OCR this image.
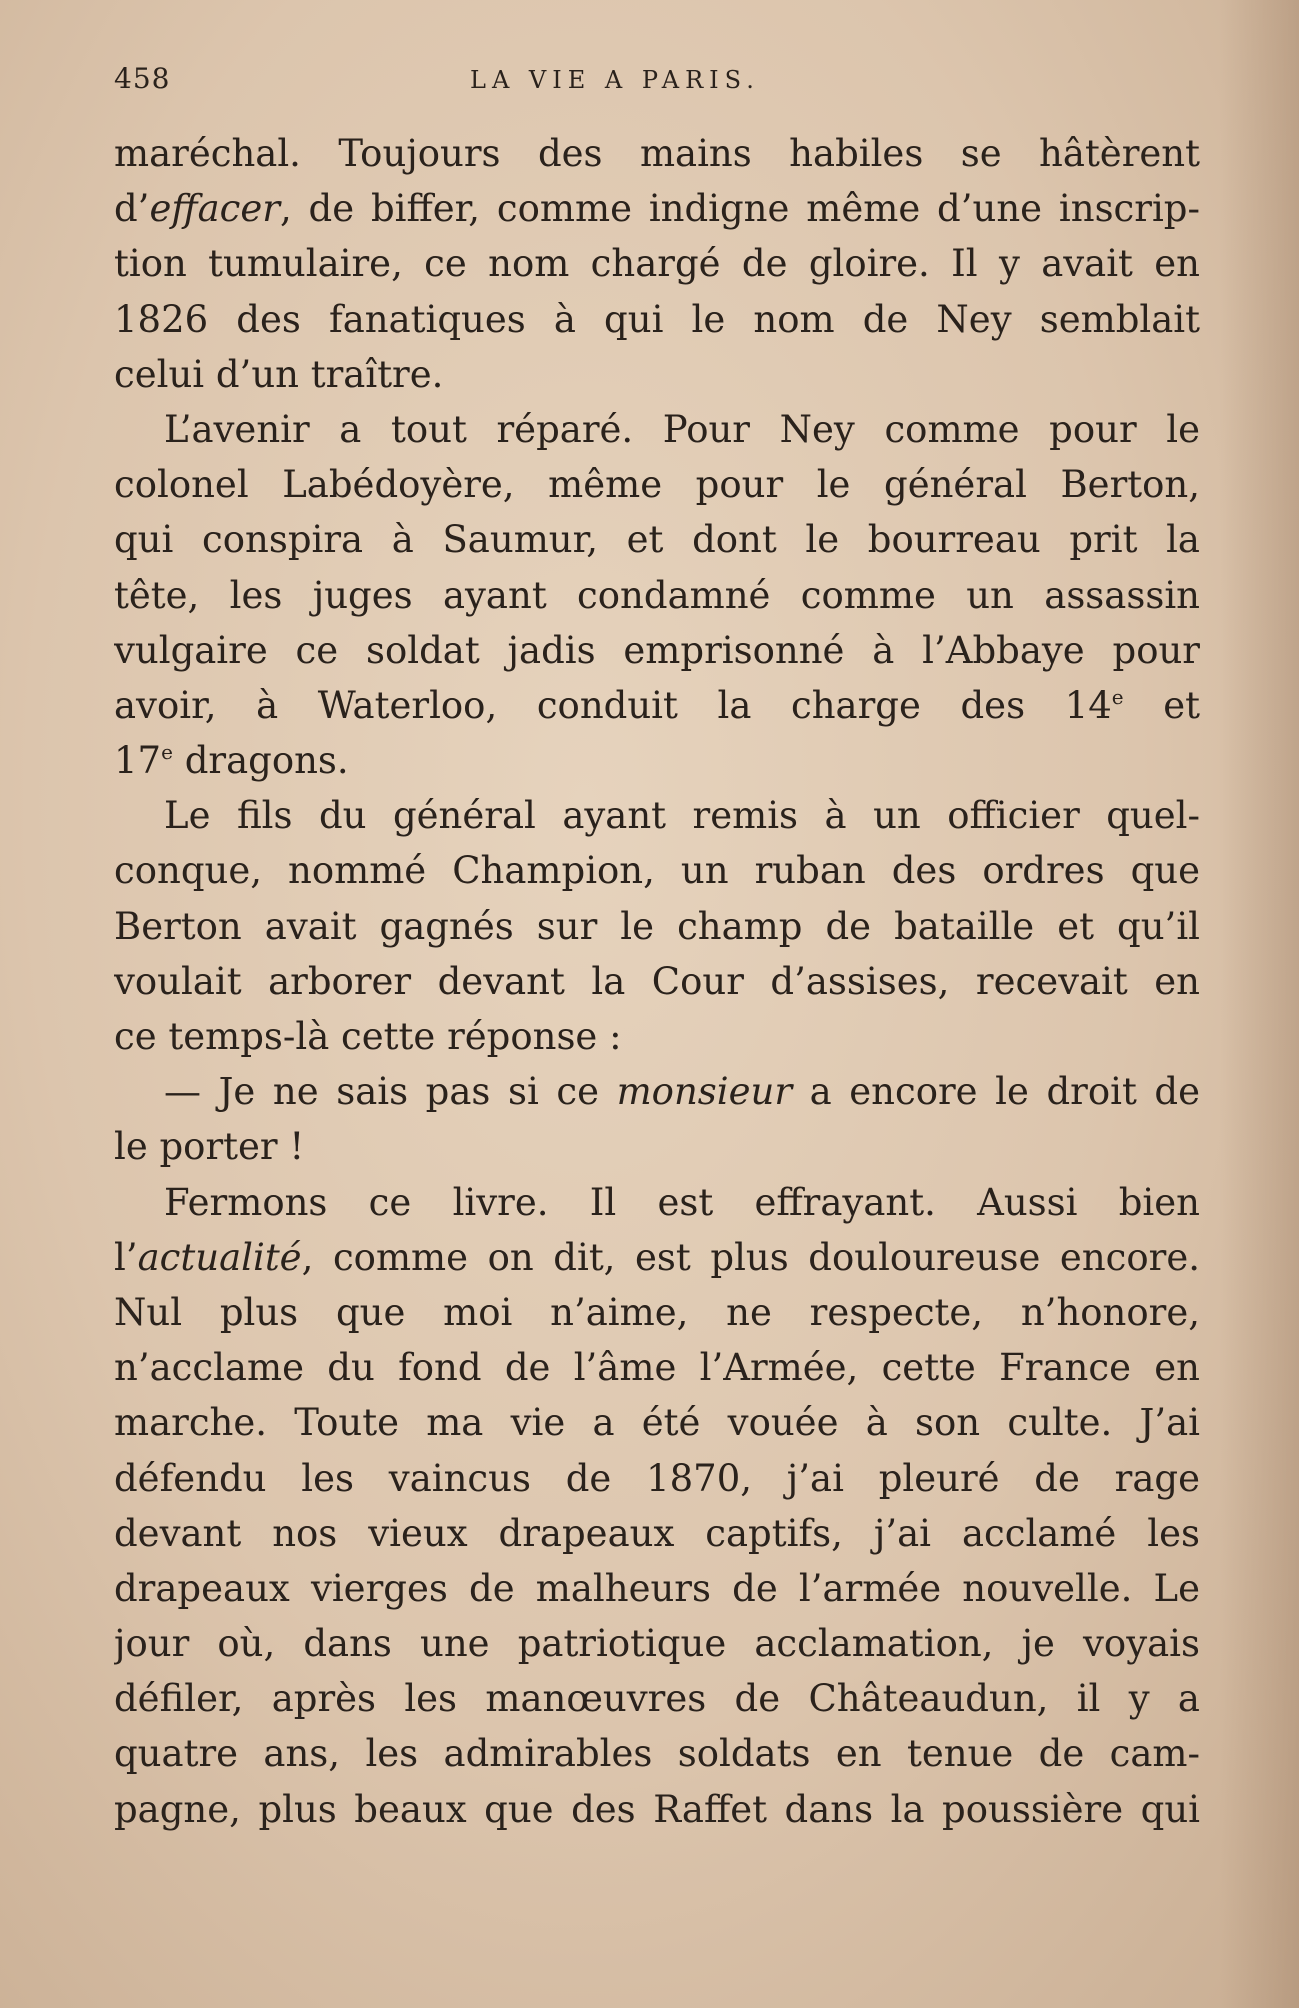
458	LA VIE A PARIS.
maréchal. Toujours des mains habiles se hâtèrent
d’effacer, de biffer, comme indigne même d’une inscrip-
tion tumulaire, ce nom chargé de gloire. Il y avait en
1826 des fanatiques à qui le nom de Ney semblait
celui d’un traître.
L’avenir a tout réparé. Pour Ney comme pour le
colonel Labédoyère, même pour le général Berton,
qui conspira à Saumur, et dont le bourreau prit la
tête, les juges ayant condamné comme un assassin
vulgaire ce soldat jadis emprisonné à l’Abbaye pour
avoir, à Waterloo, conduit la charge des 14e et
17e dragons.
Le fils du général ayant remis à un officier quel-
conque, nommé Champion, un ruban des ordres que
Berton avait gagnés sur le champ de bataille et qu’il
voulait arborer devant la Cour d’assises, recevait en
ce temps-là cette réponse :
— Je ne sais pas si ce monsieur a encore le droit de
le porter !
Fermons ce livre. Il est effrayant. Aussi bien
l’actualité, comme on dit, est plus douloureuse encore.
Nul plus que moi n’aime, ne respecte, n’honore,
n’acclame du fond de l’âme l’Armée, cette France en
marche. Toute ma vie a été vouée à son culte. J’ai
défendu les vaincus de 1870, j’ai pleuré de rage
devant nos vieux drapeaux captifs, j’ai acclamé les
drapeaux vierges de malheurs de l’armée nouvelle. Le
jour où, dans une patriotique acclamation, je voyais
défiler, après les manœuvres de Châteaudun, il y a
quatre ans, les admirables soldats en tenue de cam-
pagne, plus beaux que des Raffet dans la poussière qui
